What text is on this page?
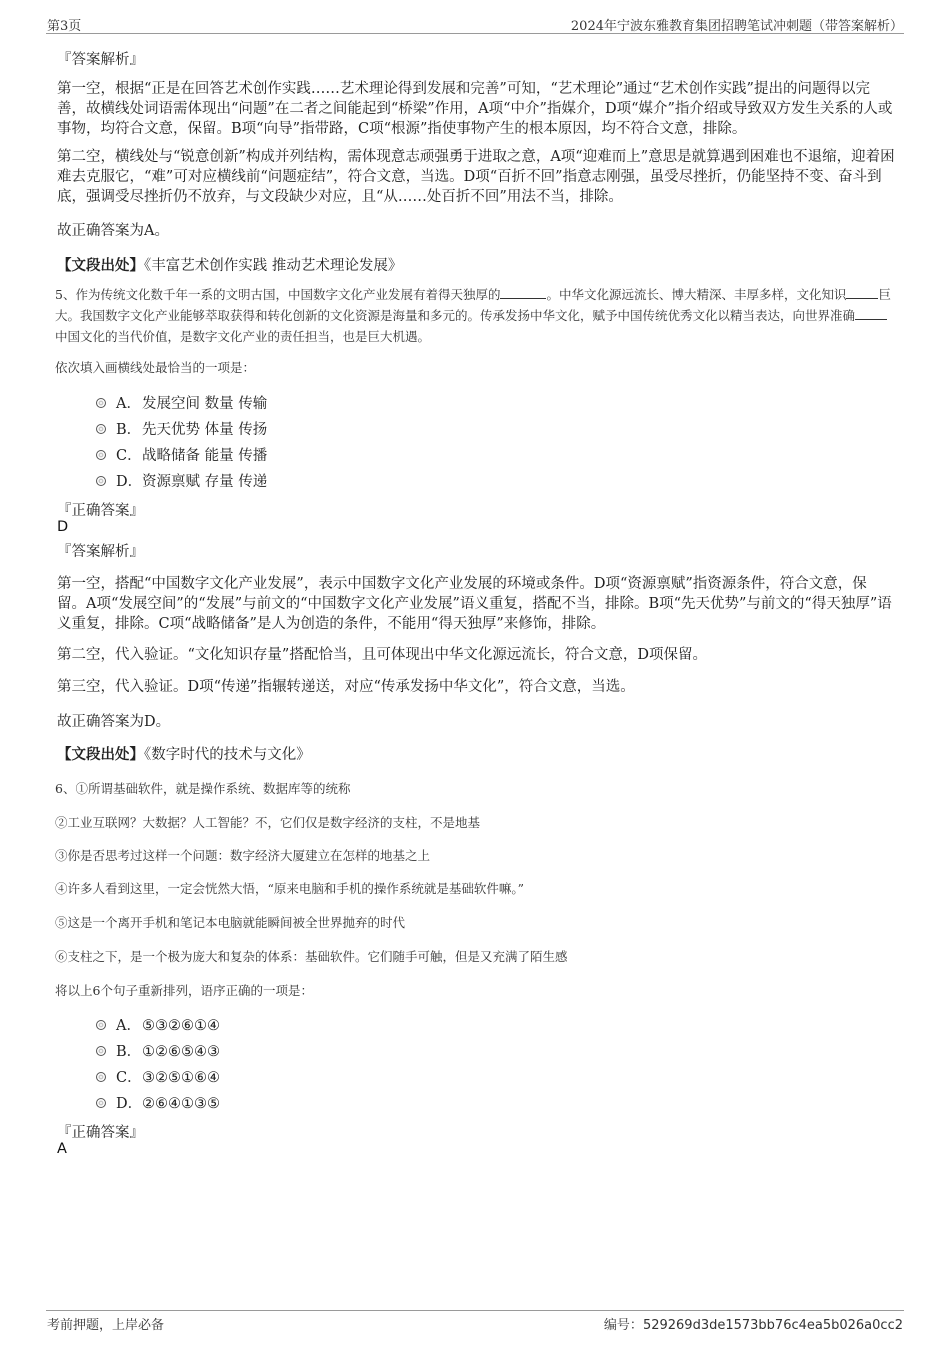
第3页	2024年宁波东雅教育集团招聘笔试冲刺题（带答案解析）
『答案解析』

第一空，根据“正是在回答艺术创作实践……艺术理论得到发展和完善”可知，“艺术理论”通过“艺术创作实践”提出的问题得以完善，故横线处词语需体现出“问题”在二者之间能起到“桥梁”作用，A项“中介”指媒介，D项“媒介”指介绍或导致双方发生关系的人或事物，均符合文意，保留。B项“向导”指带路，C项“根源”指使事物产生的根本原因，均不符合文意，排除。

第二空，横线处与“锐意创新”构成并列结构，需体现意志顽强勇于进取之意，A项“迎难而上”意思是就算遇到困难也不退缩，迎着困难去克服它，“难”可对应横线前“问题症结”，符合文意，当选。D项“百折不回”指意志刚强，虽受尽挫折，仍能坚持不变、奋斗到底，强调受尽挫折仍不放弃，与文段缺少对应，且“从……处百折不回”用法不当，排除。

故正确答案为A。
【文段出处】《丰富艺术创作实践 推动艺术理论发展》

5、作为传统文化数千年一系的文明古国，中国数字文化产业发展有着得天独厚的	。中华文化源远流长、博大精深、丰厚多样，文化知识	巨大。我国数字文化产业能够萃取获得和转化创新的文化资源是海量和多元的。传承发扬中华文化，赋予中国传统优秀文化以精当表达，向世界准确中国文化的当代价值，是数字文化产业的责任担当，也是巨大机遇。

依次填入画横线处最恰当的一项是：
A．发展空间 数量 传输
B．先天优势 体量 传扬
C．战略储备 能量 传播
D．资源禀赋 存量 传递
『正确答案』
D
『答案解析』

第一空，搭配“中国数字文化产业发展”，表示中国数字文化产业发展的环境或条件。D项“资源禀赋”指资源条件，符合文意，保留。A项“发展空间”的“发展”与前文的“中国数字文化产业发展”语义重复，搭配不当，排除。B项“先天优势”与前文的“得天独厚”语义重复，排除。C项“战略储备”是人为创造的条件，不能用“得天独厚”来修饰，排除。

第二空，代入验证。“文化知识存量”搭配恰当，且可体现出中华文化源远流长，符合文意，D项保留。

第三空，代入验证。D项“传递”指辗转递送，对应“传承发扬中华文化”，符合文意，当选。

故正确答案为D。
【文段出处】《数字时代的技术与文化》
6、①所谓基础软件，就是操作系统、数据库等的统称
②工业互联网？大数据？人工智能？不，它们仅是数字经济的支柱，不是地基
③你是否思考过这样一个问题：数字经济大厦建立在怎样的地基之上
④许多人看到这里，一定会恍然大悟，“原来电脑和手机的操作系统就是基础软件嘛。”
⑤这是一个离开手机和笔记本电脑就能瞬间被全世界抛弃的时代
⑥支柱之下，是一个极为庞大和复杂的体系：基础软件。它们随手可触，但是又充满了陌生感
将以上6个句子重新排列，语序正确的一项是：
A．⑤③②⑥①④
B．①②⑥⑤④③
C．③②⑤①⑥④
D．②⑥④①③⑤
『正确答案』
A
考前押题，上岸必备	编号：529269d3de1573bb76c4ea5b026a0cc2
